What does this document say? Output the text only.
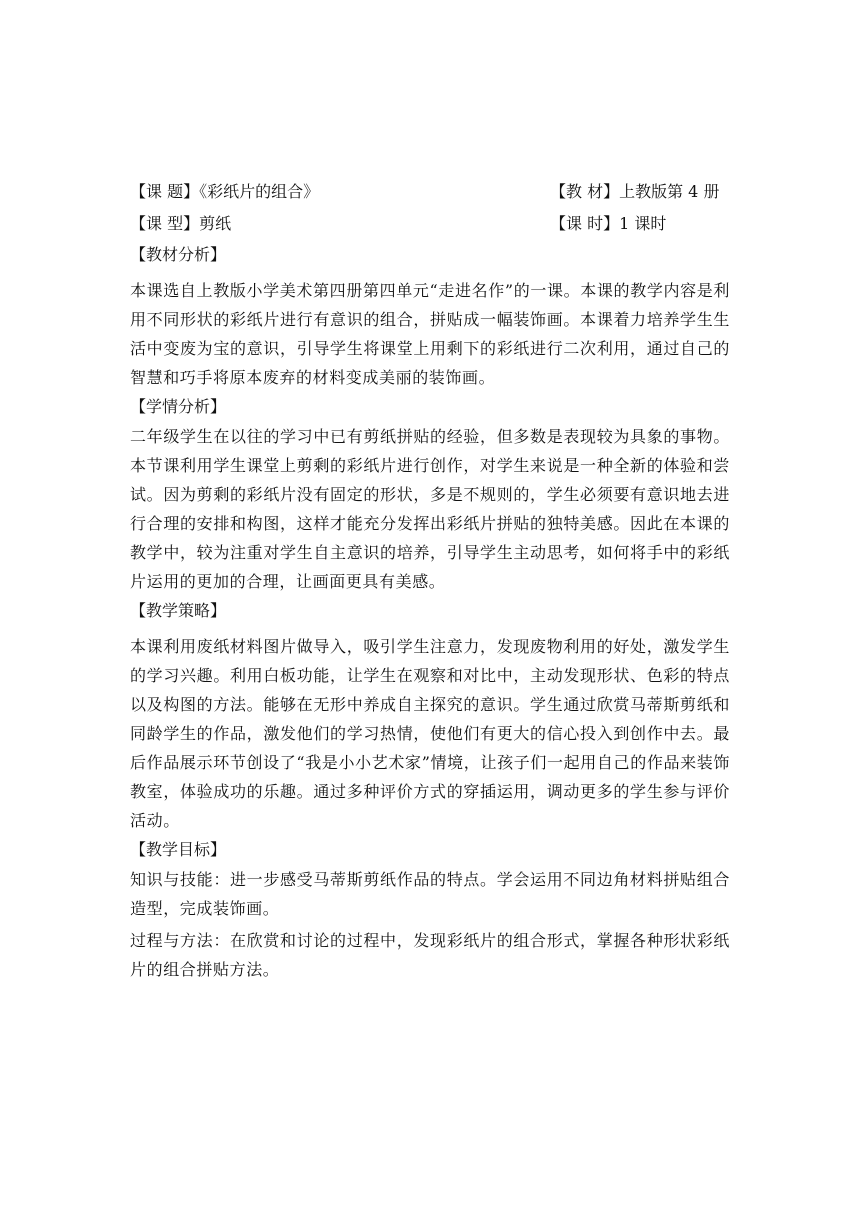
【课 题】《彩纸片的组合》	【教 材】上教版第 4 册
【课 型】剪纸	【课 时】1 课时
【教材分析】

本课选自上教版小学美术第四册第四单元“走进名作”的一课。本课的教学内容是利用不同形状的彩纸片进行有意识的组合，拼贴成一幅装饰画。本课着力培养学生生活中变废为宝的意识，引导学生将课堂上用剩下的彩纸进行二次利用，通过自己的智慧和巧手将原本废弃的材料变成美丽的装饰画。

【学情分析】

二年级学生在以往的学习中已有剪纸拼贴的经验，但多数是表现较为具象的事物。本节课利用学生课堂上剪剩的彩纸片进行创作，对学生来说是一种全新的体验和尝试。因为剪剩的彩纸片没有固定的形状，多是不规则的，学生必须要有意识地去进行合理的安排和构图，这样才能充分发挥出彩纸片拼贴的独特美感。因此在本课的教学中，较为注重对学生自主意识的培养，引导学生主动思考，如何将手中的彩纸片运用的更加的合理，让画面更具有美感。

【教学策略】

本课利用废纸材料图片做导入，吸引学生注意力，发现废物利用的好处，激发学生的学习兴趣。利用白板功能，让学生在观察和对比中，主动发现形状、色彩的特点以及构图的方法。能够在无形中养成自主探究的意识。学生通过欣赏马蒂斯剪纸和同龄学生的作品，激发他们的学习热情，使他们有更大的信心投入到创作中去。最后作品展示环节创设了“我是小小艺术家”情境，让孩子们一起用自己的作品来装饰教室，体验成功的乐趣。通过多种评价方式的穿插运用，调动更多的学生参与评价活动。

【教学目标】

知识与技能：进一步感受马蒂斯剪纸作品的特点。学会运用不同边角材料拼贴组合造型，完成装饰画。

过程与方法：在欣赏和讨论的过程中，发现彩纸片的组合形式，掌握各种形状彩纸片的组合拼贴方法。
